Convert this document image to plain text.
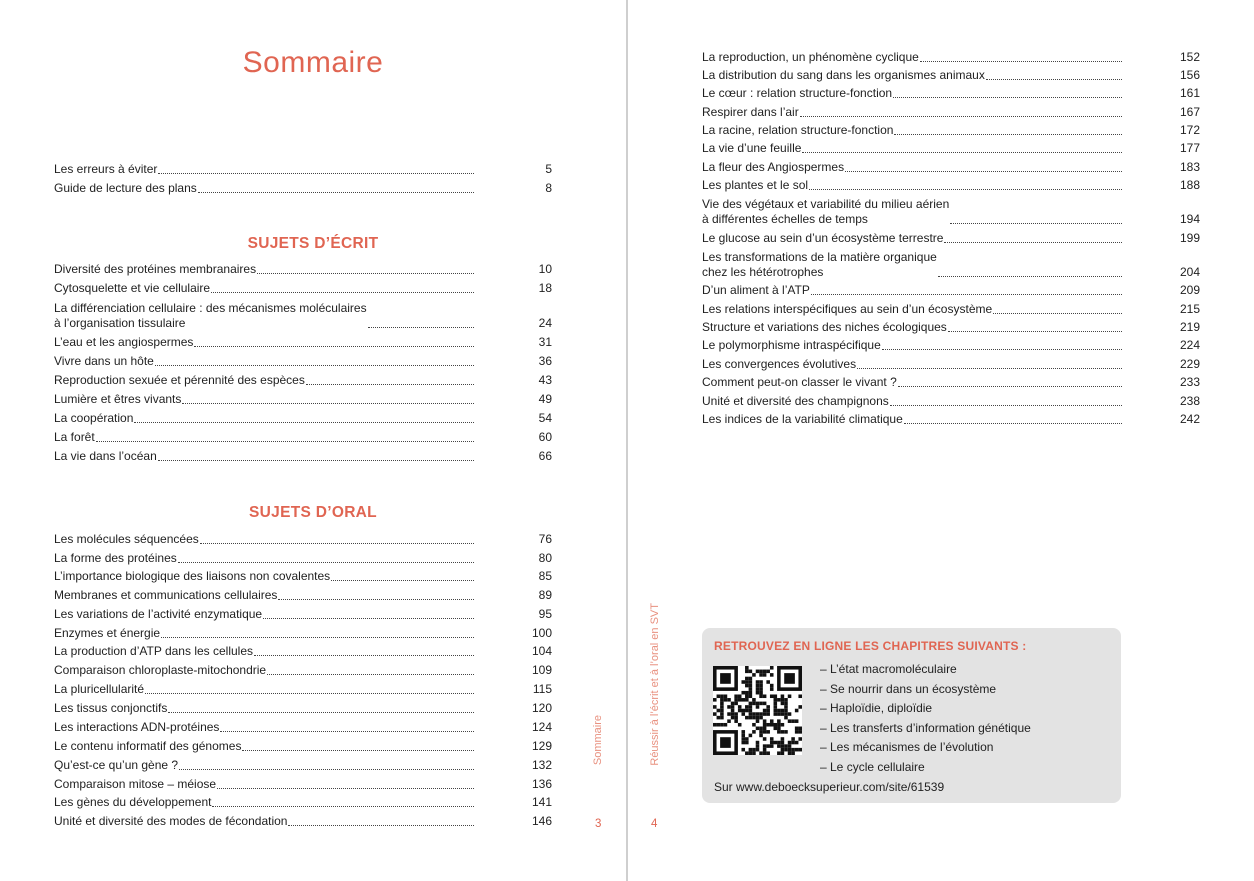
Sommaire
Les erreurs à éviter	5
Guide de lecture des plans	8
SUJETS D’ÉCRIT
Diversité des protéines membranaires	10
Cytosquelette et vie cellulaire	18
La différenciation cellulaire : des mécanismes moléculaires
à l’organisation tissulaire	24
L’eau et les angiospermes	31
Vivre dans un hôte	36
Reproduction sexuée et pérennité des espèces	43
Lumière et êtres vivants	49
La coopération	54
La forêt	60
La vie dans l’océan	66
SUJETS D’ORAL
Les molécules séquencées	76
La forme des protéines	80
L’importance biologique des liaisons non covalentes	85
Membranes et communications cellulaires	89
Les variations de l’activité enzymatique	95
Enzymes et énergie	100
La production d’ATP dans les cellules	104
Comparaison chloroplaste-mitochondrie	109
La pluricellularité	115
Les tissus conjonctifs	120
Les interactions ADN-protéines	124
Le contenu informatif des génomes	129
Qu’est-ce qu’un gène ?	132
Comparaison mitose – méiose	136
Les gènes du développement	141
Unité et diversité des modes de fécondation	146
Sommaire
3
La reproduction, un phénomène cyclique	152
La distribution du sang dans les organismes animaux	156
Le cœur : relation structure-fonction	161
Respirer dans l’air	167
La racine, relation structure-fonction	172
La vie d’une feuille	177
La fleur des Angiospermes	183
Les plantes et le sol	188
Vie des végétaux et variabilité du milieu aérien
à différentes échelles de temps	194
Le glucose au sein d’un écosystème terrestre	199
Les transformations de la matière organique
chez les hétérotrophes	204
D’un aliment à l’ATP	209
Les relations interspécifiques au sein d’un écosystème	215
Structure et variations des niches écologiques	219
Le polymorphisme intraspécifique	224
Les convergences évolutives	229
Comment peut-on classer le vivant ?	233
Unité et diversité des champignons	238
Les indices de la variabilité climatique	242
Réussir à l’écrit et à l’oral en SVT
4
RETROUVEZ EN LIGNE LES CHAPITRES SUIVANTS :
– L’état macromoléculaire
– Se nourrir dans un écosystème
– Haploïdie, diploïdie
– Les transferts d’information génétique
– Les mécanismes de l’évolution
– Le cycle cellulaire
Sur www.deboecksuperieur.com/site/61539
